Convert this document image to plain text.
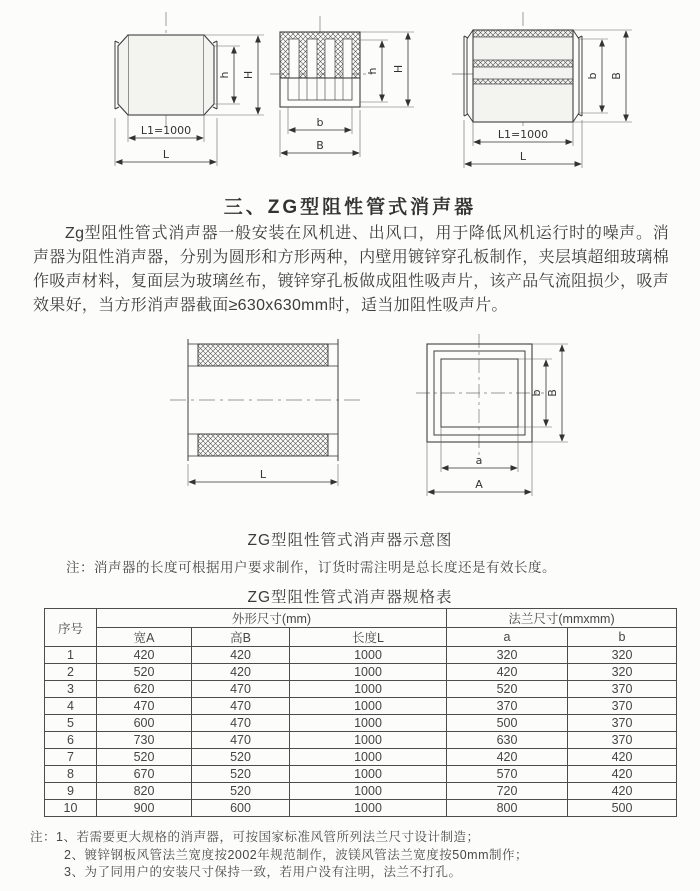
h H
L1=1000
L
b
B
h H
b B
L1=1000
L
三、ZG型阻性管式消声器
Zg型阻性管式消声器一般安装在风机进、出风口，用于降低风机运行时的噪声。消声器为阻性消声器，分别为圆形和方形两种，内壁用镀锌穿孔板制作，夹层填超细玻璃棉作吸声材料，复面层为玻璃丝布，镀锌穿孔板做成阻性吸声片，该产品气流阻损少，吸声效果好，当方形消声器截面≥630x630mm时，适当加阻性吸声片。
L
b B
a
A
ZG型阻性管式消声器示意图
注：消声器的长度可根据用户要求制作，订货时需注明是总长度还是有效长度。
ZG型阻性管式消声器规格表
序号	外形尺寸(mm)			法兰尺寸(mmxmm)	
	宽A	高B	长度L	a	b
1	420	420	1000	320	320
2	520	420	1000	420	320
3	620	470	1000	520	370
4	470	470	1000	370	370
5	600	470	1000	500	370
6	730	470	1000	630	370
7	520	520	1000	420	420
8	670	520	1000	570	420
9	820	520	1000	720	420
10	900	600	1000	800	500
注：1、若需要更大规格的消声器，可按国家标准风管所列法兰尺寸设计制造；
2、镀锌钢板风管法兰宽度按2002年规范制作，波镁风管法兰宽度按50mm制作；
3、为了同用户的安装尺寸保持一致，若用户没有注明，法兰不打孔。
